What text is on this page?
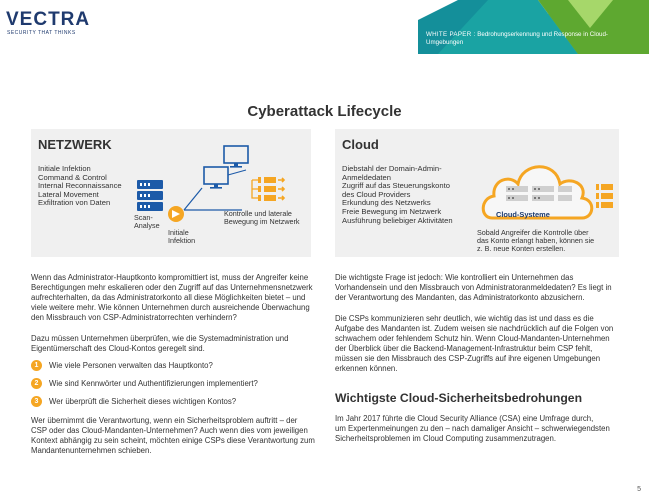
VECTRA
SECURITY THAT THINKS	WHITE PAPER : Bedrohungserkennung und Response in Cloud-Umgebungen
Cyberattack Lifecycle
NETZWERK
Initiale Infektion
Command & Control
Internal Reconnaissance
Lateral Movement
Exfiltration von Daten
Scan-
Analyse
Initiale
Infektion
Kontrolle und laterale
Bewegung im Netzwerk
Cloud
Diebstahl der Domain-Admin-
Anmeldedaten
Zugriff auf das Steuerungskonto
des Cloud Providers
Erkundung des Netzwerks
Freie Bewegung im Netzwerk
Ausführung beliebiger Aktivitäten
Cloud-Systeme
Sobald Angreifer die Kontrolle über
das Konto erlangt haben, können sie
z. B. neue Konten erstellen.
Wenn das Administrator-Hauptkonto kompromittiert ist, muss der Angreifer keine
Berechtigungen mehr eskalieren oder den Zugriff auf das Unternehmensnetzwerk
aufrechterhalten, da das Administratorkonto all diese Möglichkeiten bietet – und
viele weitere mehr. Wie können Unternehmen durch ausreichende Überwachung
den Missbrauch von CSP-Administratorrechten verhindern?
Dazu müssen Unternehmen überprüfen, wie die Systemadministration und
Eigentümerschaft des Cloud-Kontos geregelt sind.
1	Wie viele Personen verwalten das Hauptkonto?
2	Wie sind Kennwörter und Authentifizierungen implementiert?
3	Wer überprüft die Sicherheit dieses wichtigen Kontos?
Wer übernimmt die Verantwortung, wenn ein Sicherheitsproblem auftritt – der
CSP oder das Cloud-Mandanten-Unternehmen? Auch wenn dies vom jeweiligen
Kontext abhängig zu sein scheint, möchten einige CSPs diese Verantwortung zum
Mandantenunternehmen schieben.
Die wichtigste Frage ist jedoch: Wie kontrolliert ein Unternehmen das
Vorhandensein und den Missbrauch von Administratoranmeldedaten? Es liegt in
der Verantwortung des Mandanten, das Administratorkonto abzusichern.
Die CSPs kommunizieren sehr deutlich, wie wichtig das ist und dass es die
Aufgabe des Mandanten ist. Zudem weisen sie nachdrücklich auf die Folgen von
schwachem oder fehlendem Schutz hin. Wenn Cloud-Mandanten-Unternehmen
der Überblick über die Backend-Management-Infrastruktur beim CSP fehlt,
müssen sie den Missbrauch des CSP-Zugriffs auf ihre eigenen Umgebungen
erkennen können.
Wichtigste Cloud-Sicherheitsbedrohungen
Im Jahr 2017 führte die Cloud Security Alliance (CSA) eine Umfrage durch,
um Expertenmeinungen zu den – nach damaliger Ansicht – schwerwiegendsten
Sicherheitsproblemen im Cloud Computing zusammenzutragen.
5
